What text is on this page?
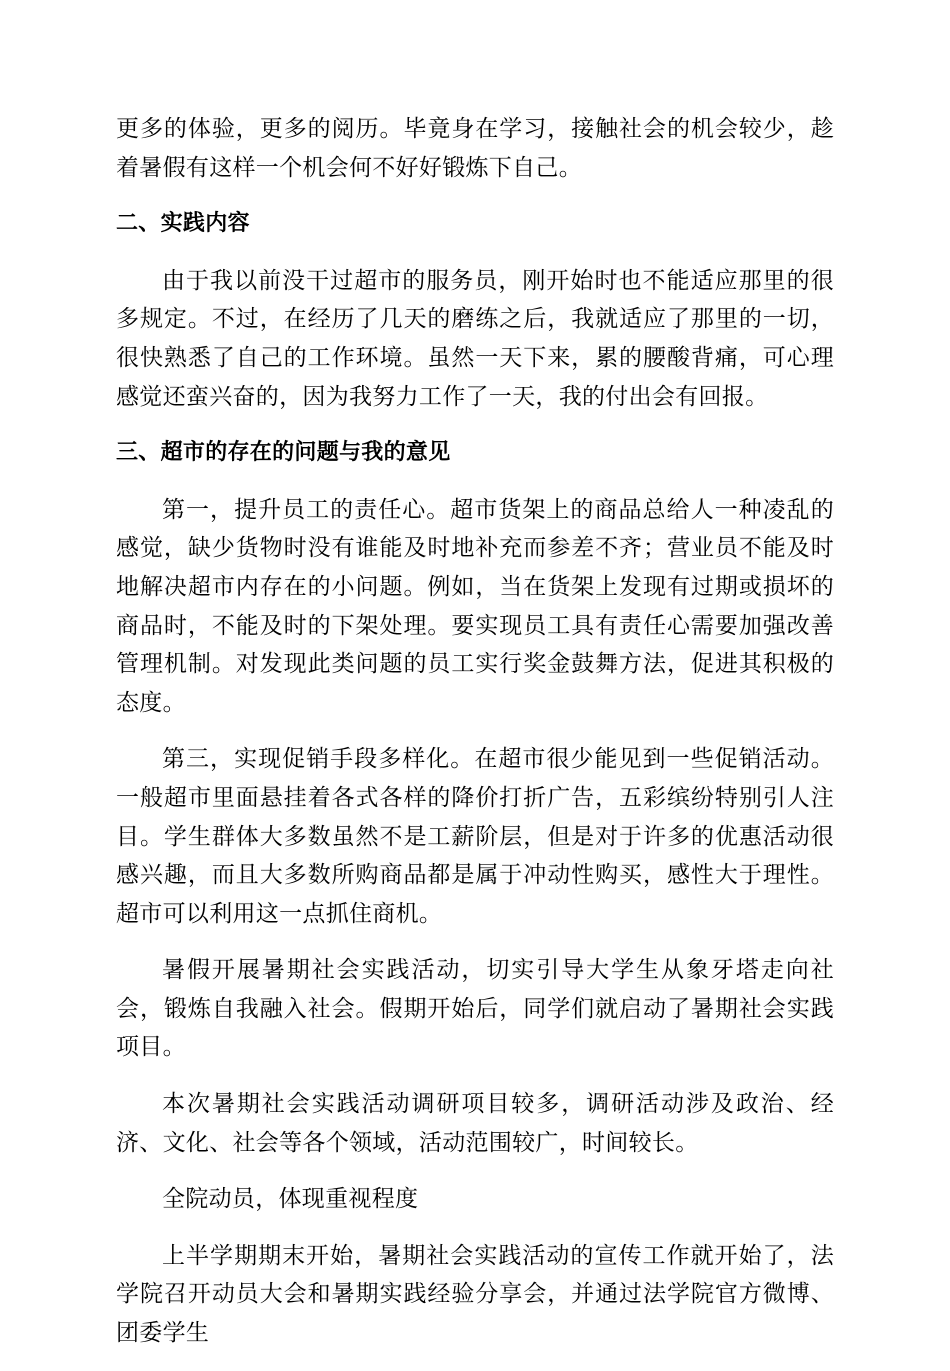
更多的体验，更多的阅历。毕竟身在学习，接触社会的机会较少，趁着暑假有这样一个机会何不好好锻炼下自己。

二、实践内容

由于我以前没干过超市的服务员，刚开始时也不能适应那里的很多规定。不过，在经历了几天的磨练之后，我就适应了那里的一切，很快熟悉了自己的工作环境。虽然一天下来，累的腰酸背痛，可心理感觉还蛮兴奋的，因为我努力工作了一天，我的付出会有回报。

三、超市的存在的问题与我的意见

第一，提升员工的责任心。超市货架上的商品总给人一种凌乱的感觉，缺少货物时没有谁能及时地补充而参差不齐；营业员不能及时地解决超市内存在的小问题。例如，当在货架上发现有过期或损坏的商品时，不能及时的下架处理。要实现员工具有责任心需要加强改善管理机制。对发现此类问题的员工实行奖金鼓舞方法，促进其积极的态度。

第三，实现促销手段多样化。在超市很少能见到一些促销活动。一般超市里面悬挂着各式各样的降价打折广告，五彩缤纷特别引人注目。学生群体大多数虽然不是工薪阶层，但是对于许多的优惠活动很感兴趣，而且大多数所购商品都是属于冲动性购买，感性大于理性。超市可以利用这一点抓住商机。

暑假开展暑期社会实践活动，切实引导大学生从象牙塔走向社会，锻炼自我融入社会。假期开始后，同学们就启动了暑期社会实践项目。

本次暑期社会实践活动调研项目较多，调研活动涉及政治、经济、文化、社会等各个领域，活动范围较广，时间较长。

全院动员，体现重视程度

上半学期期末开始，暑期社会实践活动的宣传工作就开始了，法学院召开动员大会和暑期实践经验分享会，并通过法学院官方微博、团委学生
